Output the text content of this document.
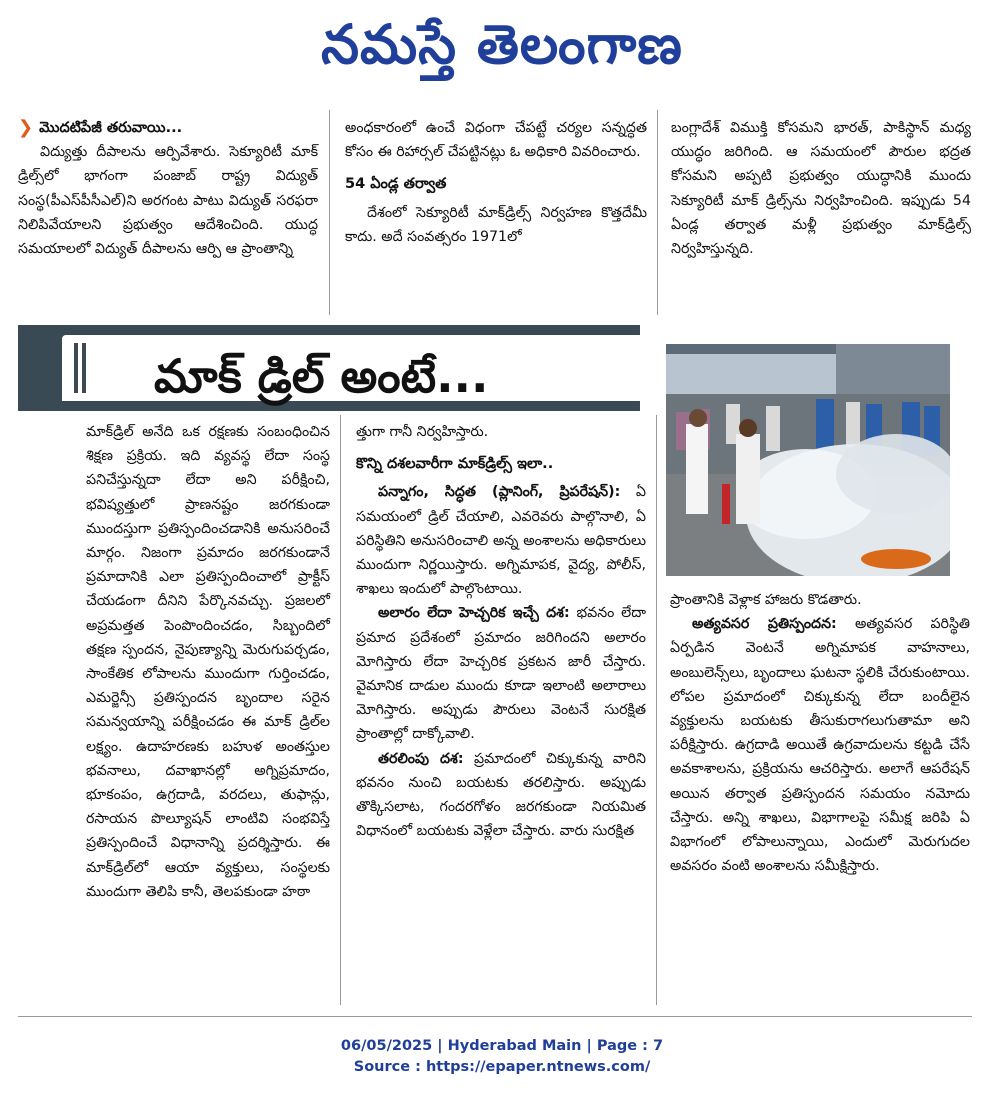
నమస్తే తెలంగాణ
❯ మొదటిపేజీ తరువాయి...

విద్యుత్తు దీపాలను ఆర్పివేశారు. సెక్యూరిటీ మాక్ డ్రిల్స్‌లో భాగంగా పంజాబ్ రాష్ట్ర విద్యుత్ సంస్థ(పీఎస్‌పీసీఎల్)ని అరగంట పాటు విద్యుత్ సరఫరా నిలిపివేయాలని ప్రభుత్వం ఆదేశించింది. యుద్ధ సమయాలలో విద్యుత్ దీపాలను ఆర్పి ఆ ప్రాంతాన్ని

అంధకారంలో ఉంచే విధంగా చేపట్టే చర్యల సన్నద్ధత కోసం ఈ రిహార్సల్ చేపట్టినట్లు ఓ అధికారి వివరించారు.

54 ఏండ్ల తర్వాత

దేశంలో సెక్యూరిటీ మాక్‌డ్రిల్స్ నిర్వహణ కొత్తదేమీ కాదు. అదే సంవత్సరం 1971లో

బంగ్లాదేశ్ విముక్తి కోసమని భారత్, పాకిస్థాన్ మధ్య యుద్ధం జరిగింది. ఆ సమయంలో పౌరుల భద్రత కోసమని అప్పటి ప్రభుత్వం యుద్ధానికి ముందు సెక్యూరిటీ మాక్ డ్రిల్స్‌ను నిర్వహించింది. ఇప్పుడు 54 ఏండ్ల తర్వాత మళ్లీ ప్రభుత్వం మాక్‌డ్రిల్స్ నిర్వహిస్తున్నది.

మాక్ డ్రిల్ అంటే...

మాక్‌డ్రిల్ అనేది ఒక రక్షణకు సంబంధించిన శిక్షణ ప్రక్రియ. ఇది వ్యవస్థ లేదా సంస్థ పనిచేస్తున్నదా లేదా అని పరీక్షించి, భవిష్యత్తులో ప్రాణనష్టం జరగకుండా ముందస్తుగా ప్రతిస్పందించడానికి అనుసరించే మార్గం. నిజంగా ప్రమాదం జరగకుండానే ప్రమాదానికి ఎలా ప్రతిస్పందించాలో ప్రాక్టీస్ చేయడంగా దీనిని పేర్కొనవచ్చు. ప్రజలలో అప్రమత్తత పెంపొందించడం, సిబ్బందిలో తక్షణ స్పందన, నైపుణ్యాన్ని మెరుగుపర్చడం, సాంకేతిక లోపాలను ముందుగా గుర్తించడం, ఎమర్జెన్సీ ప్రతిస్పందన బృందాల సరైన సమన్వయాన్ని పరీక్షించడం ఈ మాక్ డ్రిల్‌ల లక్ష్యం. ఉదాహరణకు బహుళ అంతస్తుల భవనాలు, దవాఖానల్లో అగ్నిప్రమాదం, భూకంపం, ఉగ్రదాడి, వరదలు, తుఫాన్లు, రసాయన పొల్యూషన్ లాంటివి సంభవిస్తే ప్రతిస్పందించే విధానాన్ని ప్రదర్శిస్తారు. ఈ మాక్‌డ్రిల్‌లో ఆయా వ్యక్తులు, సంస్థలకు ముందుగా తెలిపి కానీ, తెలపకుండా హఠా

త్తుగా గానీ నిర్వహిస్తారు.

కొన్ని దశలవారీగా మాక్‌డ్రిల్స్ ఇలా..

పన్నాగం, సిద్ధత (ప్లానింగ్, ప్రిపరేషన్): ఏ సమయంలో డ్రిల్ చేయాలి, ఎవరెవరు పాల్గొనాలి, ఏ పరిస్థితిని అనుసరించాలి అన్న అంశాలను అధికారులు ముందుగా నిర్ణయిస్తారు. అగ్నిమాపక, వైద్య, పోలీస్, శాఖలు ఇందులో పాల్గొంటాయి.

అలారం లేదా హెచ్చరిక ఇచ్చే దశ: భవనం లేదా ప్రమాద ప్రదేశంలో ప్రమాదం జరిగిందని అలారం మోగిస్తారు లేదా హెచ్చరిక ప్రకటన జారీ చేస్తారు. వైమానిక దాడుల ముందు కూడా ఇలాంటి అలారాలు మోగిస్తారు. అప్పుడు పౌరులు వెంటనే సురక్షిత ప్రాంతాల్లో దాక్కోవాలి.

తరలింపు దశ: ప్రమాదంలో చిక్కుకున్న వారిని భవనం నుంచి బయటకు తరలిస్తారు. అప్పుడు తొక్కిసలాట, గందరగోళం జరగకుండా నియమిత విధానంలో బయటకు వెళ్లేలా చేస్తారు. వారు సురక్షిత

ప్రాంతానికి వెళ్లాక హాజరు కొడతారు.

అత్యవసర ప్రతిస్పందన: అత్యవసర పరిస్థితి ఏర్పడిన వెంటనే అగ్నిమాపక వాహనాలు, అంబులెన్స్‌లు, బృందాలు ఘటనా స్థలికి చేరుకుంటాయి. లోపల ప్రమాదంలో చిక్కుకున్న లేదా బందీలైన వ్యక్తులను బయటకు తీసుకురాగలుగుతామా అని పరీక్షిస్తారు. ఉగ్రదాడి అయితే ఉగ్రవాదులను కట్టడి చేసే అవకాశాలను, ప్రక్రియను ఆచరిస్తారు. అలాగే ఆపరేషన్ అయిన తర్వాత ప్రతిస్పందన సమయం నమోదు చేస్తారు. అన్ని శాఖలు, విభాగాలపై సమీక్ష జరిపి ఏ విభాగంలో లోపాలున్నాయి, ఎందులో మెరుగుదల అవసరం వంటి అంశాలను సమీక్షిస్తారు.

06/05/2025 | Hyderabad Main | Page : 7
Source : https://epaper.ntnews.com/
